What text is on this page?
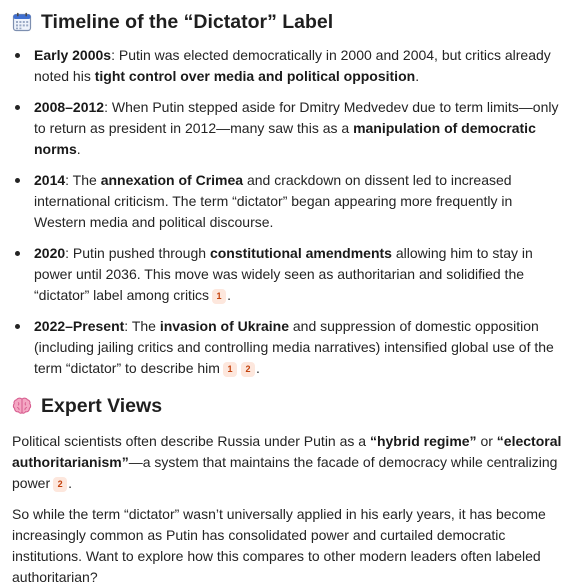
Timeline of the “Dictator” Label
Early 2000s: Putin was elected democratically in 2000 and 2004, but critics already noted his tight control over media and political opposition.
2008–2012: When Putin stepped aside for Dmitry Medvedev due to term limits—only to return as president in 2012—many saw this as a manipulation of democratic norms.
2014: The annexation of Crimea and crackdown on dissent led to increased international criticism. The term “dictator” began appearing more frequently in Western media and political discourse.
2020: Putin pushed through constitutional amendments allowing him to stay in power until 2036. This move was widely seen as authoritarian and solidified the “dictator” label among critics 1 .
2022–Present: The invasion of Ukraine and suppression of domestic opposition (including jailing critics and controlling media narratives) intensified global use of the term “dictator” to describe him 1 2 .
Expert Views

Political scientists often describe Russia under Putin as a “hybrid regime” or “electoral authoritarianism”—a system that maintains the facade of democracy while centralizing power 2 .

So while the term “dictator” wasn’t universally applied in his early years, it has become increasingly common as Putin has consolidated power and curtailed democratic institutions. Want to explore how this compares to other modern leaders often labeled authoritarian?
